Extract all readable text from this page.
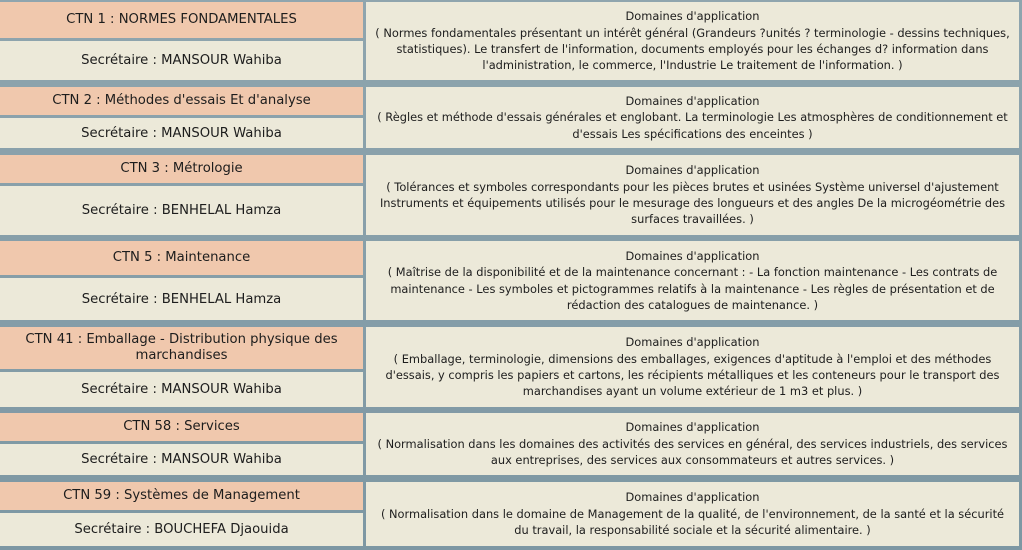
CTN 1 : NORMES FONDAMENTALES
Secrétaire : MANSOUR Wahiba
Domaines d'application
( Normes fondamentales présentant un intérêt général (Grandeurs ?unités ? terminologie - dessins techniques, statistiques). Le transfert de l'information, documents employés pour les échanges d? information dans l'administration, le commerce, l'Industrie Le traitement de l'information. )
CTN 2 : Méthodes d'essais Et d'analyse
Secrétaire : MANSOUR Wahiba
Domaines d'application
( Règles et méthode d'essais générales et englobant. La terminologie Les atmosphères de conditionnement et d'essais Les spécifications des enceintes )
CTN 3 : Métrologie
Secrétaire : BENHELAL Hamza
Domaines d'application
( Tolérances et symboles correspondants pour les pièces brutes et usinées Système universel d'ajustement Instruments et équipements utilisés pour le mesurage des longueurs et des angles De la microgéométrie des surfaces travaillées. )
CTN 5 : Maintenance
Secrétaire : BENHELAL Hamza
Domaines d'application
( Maîtrise de la disponibilité et de la maintenance concernant : - La fonction maintenance - Les contrats de maintenance - Les symboles et pictogrammes relatifs à la maintenance - Les règles de présentation et de rédaction des catalogues de maintenance. )
CTN 41 : Emballage - Distribution physique des marchandises
Secrétaire : MANSOUR Wahiba
Domaines d'application
( Emballage, terminologie, dimensions des emballages, exigences d'aptitude à l'emploi et des méthodes d'essais, y compris les papiers et cartons, les récipients métalliques et les conteneurs pour le transport des marchandises ayant un volume extérieur de 1 m3 et plus. )
CTN 58 : Services
Secrétaire : MANSOUR Wahiba
Domaines d'application
( Normalisation dans les domaines des activités des services en général, des services industriels, des services aux entreprises, des services aux consommateurs et autres services. )
CTN 59 : Systèmes de Management
Secrétaire : BOUCHEFA Djaouida
Domaines d'application
( Normalisation dans le domaine de Management de la qualité, de l'environnement, de la santé et la sécurité du travail, la responsabilité sociale et la sécurité alimentaire. )
